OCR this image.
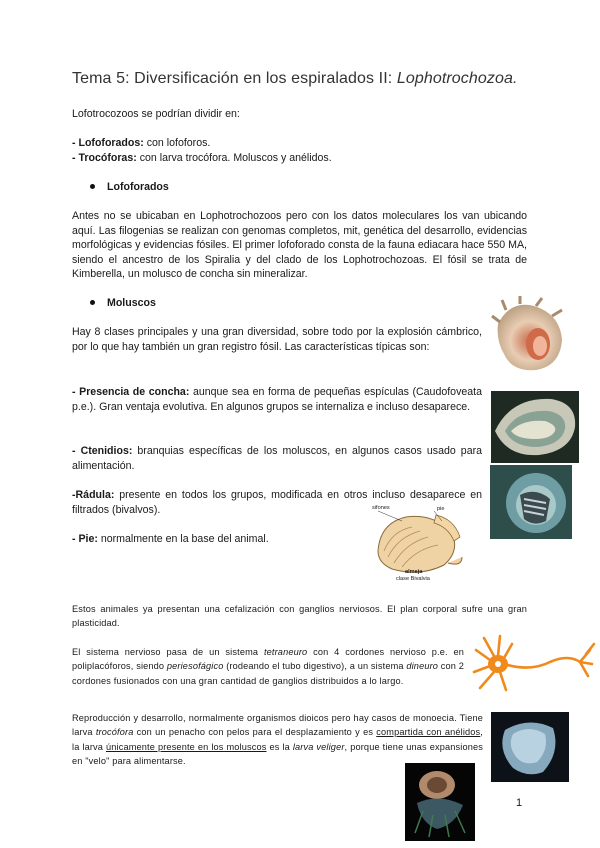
Tema 5: Diversificación en los espiralados II: Lophotrochozoa.
Lofotrocozoos se podrían dividir en:
- Lofoforados: con lofoforos.
- Trocóforas: con larva trocófora. Moluscos y anélidos.
Lofoforados
Antes no se ubicaban en Lophotrochozoos pero con los datos moleculares los van ubicando aquí. Las filogenias se realizan con genomas completos, mit, genética del desarrollo, evidencias morfológicas y evidencias fósiles. El primer lofoforado consta de la fauna ediacara hace 550 MA, siendo el ancestro de los Spiralia y del clado de los Lophotrochozoas. El fósil se trata de Kimberella, un molusco de concha sin mineralizar.
Moluscos
Hay 8 clases principales y una gran diversidad, sobre todo por la explosión cámbrico, por lo que hay también un gran registro fósil. Las características típicas son:
- Presencia de concha: aunque sea en forma de pequeñas espículas (Caudofoveata p.e.). Gran ventaja evolutiva. En algunos grupos se internaliza e incluso desaparece.
- Ctenidios: branquias específicas de los moluscos, en algunos casos usado para alimentación.
-Rádula: presente en todos los grupos, modificada en otros incluso desaparece en filtrados (bivalvos).
- Pie: normalmente en la base del animal.
sifones	pie
almeja
clase Bivalvia
Estos animales ya presentan una cefalización con ganglios nerviosos. El plan corporal sufre una gran plasticidad.
El sistema nervioso pasa de un sistema tetraneuro con 4 cordones nervioso p.e. en poliplacóforos, siendo periesofágico (rodeando el tubo digestivo), a un sistema dineuro con 2 cordones fusionados con una gran cantidad de ganglios distribuidos a lo largo.
Reproducción y desarrollo, normalmente organismos dioicos pero hay casos de monoecia. Tiene larva trocófora con un penacho con pelos para el desplazamiento y es compartida con anélidos, la larva únicamente presente en los moluscos es la larva veliger, porque tiene unas expansiones en "velo" para alimentarse.
1
